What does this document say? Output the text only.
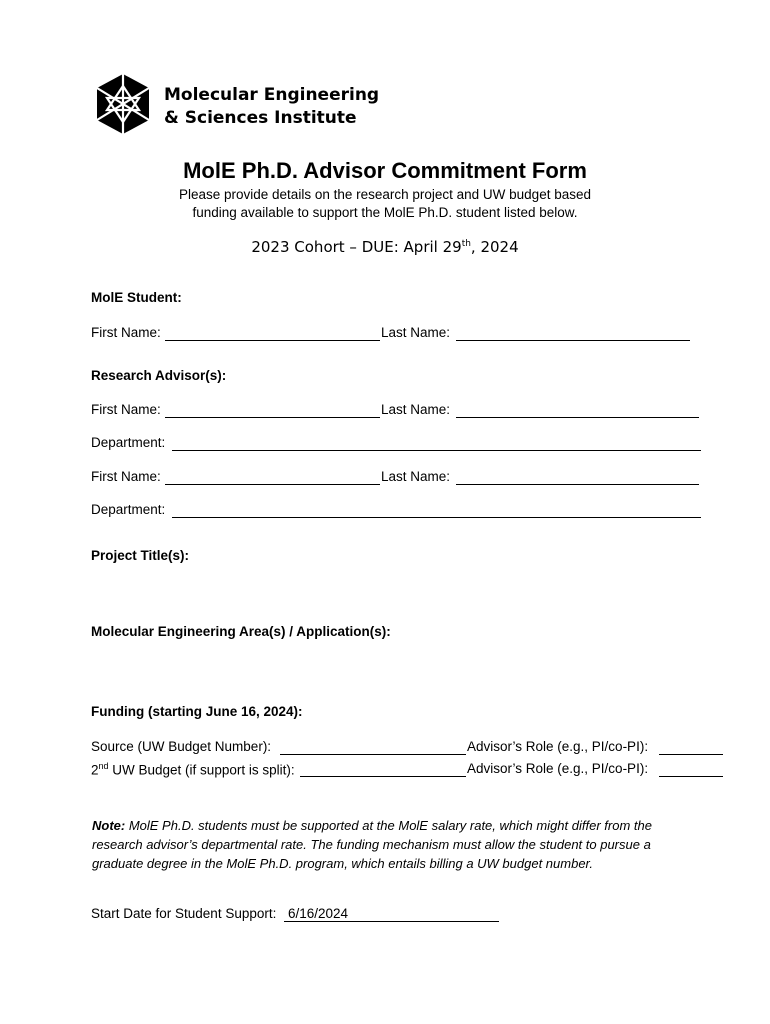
Molecular Engineering
& Sciences Institute
MolE Ph.D. Advisor Commitment Form
Please provide details on the research project and UW budget based
funding available to support the MolE Ph.D. student listed below.
2023 Cohort – DUE: April 29th, 2024
MolE Student:
First Name:	Last Name:
Research Advisor(s):
First Name:	Last Name:
Department:
First Name:	Last Name:
Department:
Project Title(s):
Molecular Engineering Area(s) / Application(s):
Funding (starting June 16, 2024):
Source (UW Budget Number):	Advisor’s Role (e.g., PI/co-PI):
2nd UW Budget (if support is split):	Advisor’s Role (e.g., PI/co-PI):
Note: MolE Ph.D. students must be supported at the MolE salary rate, which might differ from the research advisor’s departmental rate. The funding mechanism must allow the student to pursue a graduate degree in the MolE Ph.D. program, which entails billing a UW budget number.
Start Date for Student Support: 6/16/2024
